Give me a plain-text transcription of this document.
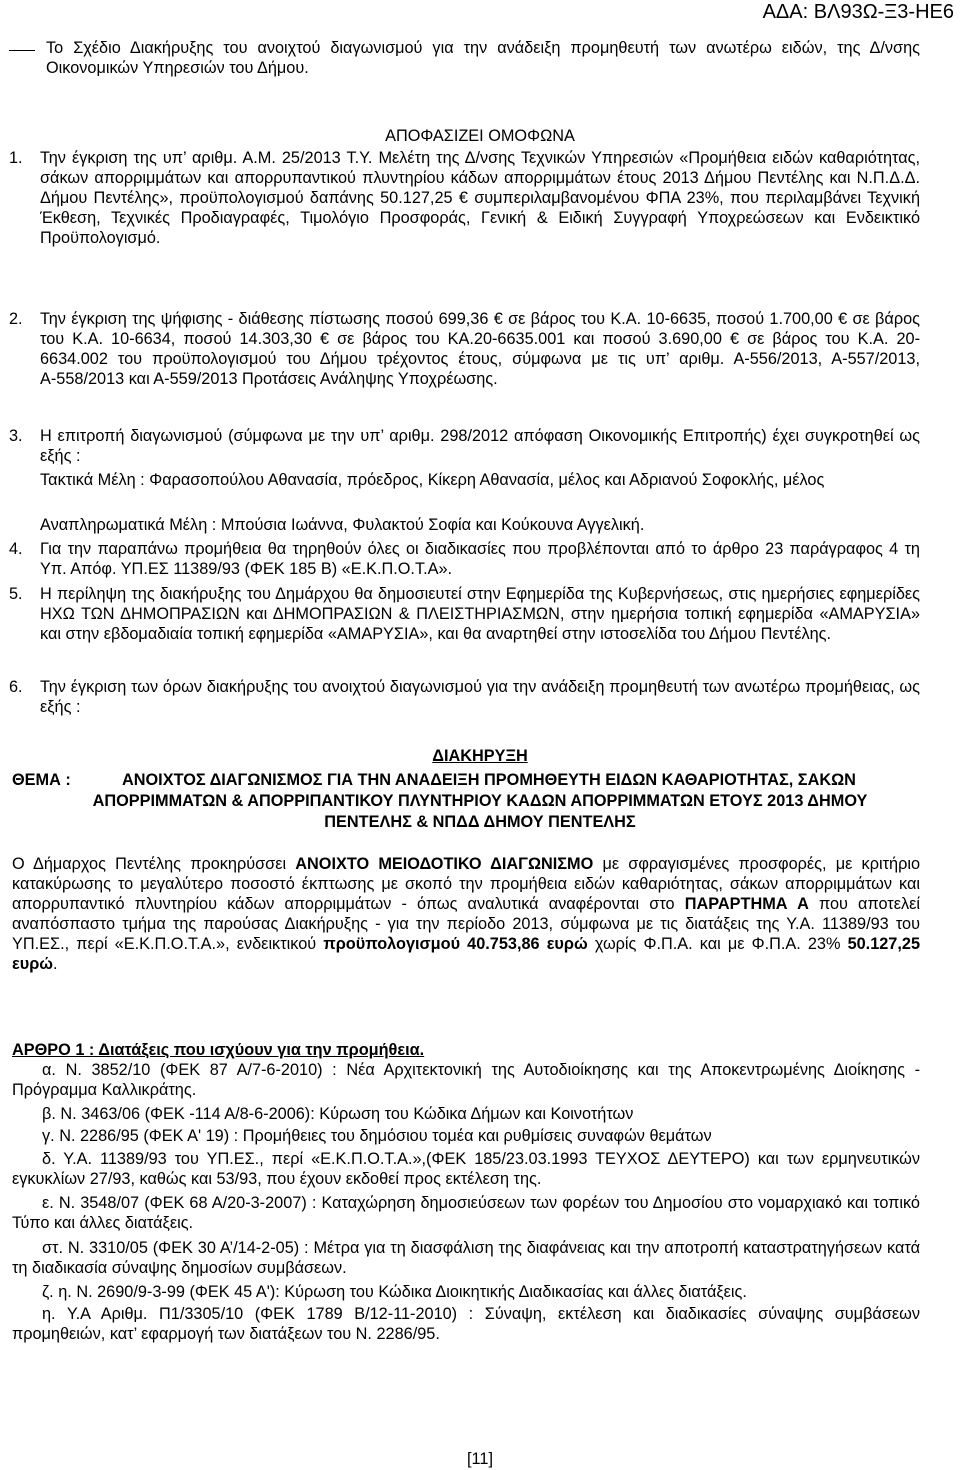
ΑΔΑ: ΒΛ93Ω-Ξ3-ΗΕ6
Το Σχέδιο Διακήρυξης του ανοιχτού διαγωνισμού για την ανάδειξη προμηθευτή των ανωτέρω ειδών, της Δ/νσης Οικονομικών Υπηρεσιών του Δήμου.
ΑΠΟΦΑΣΙΖΕΙ ΟΜΟΦΩΝΑ
1. Την έγκριση της υπ’ αριθμ. Α.Μ. 25/2013 Τ.Υ. Μελέτη της Δ/νσης Τεχνικών Υπηρεσιών «Προμήθεια ειδών καθαριότητας, σάκων απορριμμάτων και απορρυπαντικού πλυντηρίου κάδων απορριμμάτων έτους 2013 Δήμου Πεντέλης και Ν.Π.Δ.Δ. Δήμου Πεντέλης», προϋπολογισμού δαπάνης 50.127,25 € συμπεριλαμβανομένου ΦΠΑ 23%, που περιλαμβάνει Τεχνική Έκθεση, Τεχνικές Προδιαγραφές, Τιμολόγιο Προσφοράς, Γενική & Ειδική Συγγραφή Υποχρεώσεων και Ενδεικτικό Προϋπολογισμό.
2. Την έγκριση της ψήφισης - διάθεσης πίστωσης ποσού 699,36 € σε βάρος του Κ.Α. 10-6635, ποσού 1.700,00 € σε βάρος του Κ.Α. 10-6634, ποσού 14.303,30 € σε βάρος του ΚΑ.20-6635.001 και ποσού 3.690,00 € σε βάρος του Κ.Α. 20-6634.002 του προϋπολογισμού του Δήμου τρέχοντος έτους, σύμφωνα με τις υπ’ αριθμ. Α-556/2013, Α-557/2013, Α-558/2013 και Α-559/2013 Προτάσεις Ανάληψης Υποχρέωσης.
3. Η επιτροπή διαγωνισμού (σύμφωνα με την υπ’ αριθμ. 298/2012 απόφαση Οικονομικής Επιτροπής) έχει συγκροτηθεί ως εξής :
Τακτικά Μέλη : Φαρασοπούλου Αθανασία, πρόεδρος, Κίκερη Αθανασία, μέλος και Αδριανού Σοφοκλής, μέλος
Αναπληρωματικά Μέλη : Μπούσια Ιωάννα, Φυλακτού Σοφία και Κούκουνα Αγγελική.
4. Για την παραπάνω προμήθεια θα τηρηθούν όλες οι διαδικασίες που προβλέπονται από το άρθρο 23 παράγραφος 4 τη Υπ. Απόφ. ΥΠ.ΕΣ 11389/93 (ΦΕΚ 185 Β) «Ε.Κ.Π.Ο.Τ.Α».
5. Η περίληψη της διακήρυξης του Δημάρχου θα δημοσιευτεί στην Εφημερίδα της Κυβερνήσεως, στις ημερήσιες εφημερίδες ΗΧΩ ΤΩΝ ΔΗΜΟΠΡΑΣΙΩΝ και ΔΗΜΟΠΡΑΣΙΩΝ & ΠΛΕΙΣΤΗΡΙΑΣΜΩΝ, στην ημερήσια τοπική εφημερίδα «ΑΜΑΡΥΣΙΑ» και στην εβδομαδιαία τοπική εφημερίδα «ΑΜΑΡΥΣΙΑ», και θα αναρτηθεί στην ιστοσελίδα του Δήμου Πεντέλης.
6. Την έγκριση των όρων διακήρυξης του ανοιχτού διαγωνισμού για την ανάδειξη προμηθευτή των ανωτέρω προμήθειας, ως εξής :
ΔΙΑΚΗΡΥΞΗ
ΘΕΜΑ :	ΑΝΟΙΧΤΟΣ ΔΙΑΓΩΝΙΣΜΟΣ ΓΙΑ ΤΗΝ ΑΝΑΔΕΙΞΗ ΠΡΟΜΗΘΕΥΤΗ ΕΙΔΩΝ ΚΑΘΑΡΙΟΤΗΤΑΣ, ΣΑΚΩΝ
ΑΠΟΡΡΙΜΜΑΤΩΝ & ΑΠΟΡΡΙΠΑΝΤΙΚΟΥ ΠΛΥΝΤΗΡΙΟΥ ΚΑΔΩΝ ΑΠΟΡΡΙΜΜΑΤΩΝ ΕΤΟΥΣ 2013 ΔΗΜΟΥ
ΠΕΝΤΕΛΗΣ & ΝΠΔΔ ΔΗΜΟΥ ΠΕΝΤΕΛΗΣ
Ο Δήμαρχος Πεντέλης προκηρύσσει ΑΝΟΙΧΤΟ ΜΕΙΟΔΟΤΙΚΟ ΔΙΑΓΩΝΙΣΜΟ με σφραγισμένες προσφορές, με κριτήριο κατακύρωσης το μεγαλύτερο ποσοστό έκπτωσης με σκοπό την προμήθεια ειδών καθαριότητας, σάκων απορριμμάτων και απορρυπαντικό πλυντηρίου κάδων απορριμμάτων - όπως αναλυτικά αναφέρονται στο ΠΑΡΑΡΤΗΜΑ Α που αποτελεί αναπόσπαστο τμήμα της παρούσας Διακήρυξης - για την περίοδο 2013, σύμφωνα με τις διατάξεις της Υ.Α. 11389/93 του ΥΠ.ΕΣ., περί «Ε.Κ.Π.Ο.Τ.Α.», ενδεικτικού προϋπολογισμού 40.753,86 ευρώ χωρίς Φ.Π.Α. και με Φ.Π.Α. 23% 50.127,25 ευρώ.
ΑΡΘΡΟ 1 : Διατάξεις που ισχύουν για την προμήθεια.
α. Ν. 3852/10 (ΦΕΚ 87 Α/7-6-2010) : Νέα Αρχιτεκτονική της Αυτοδιοίκησης και της Αποκεντρωμένης Διοίκησης - Πρόγραμμα Καλλικράτης.
β. Ν. 3463/06 (ΦΕΚ -114 Α/8-6-2006): Κύρωση του Κώδικα Δήμων και Κοινοτήτων
γ. Ν. 2286/95 (ΦΕΚ Α' 19) : Προμήθειες του δημόσιου τομέα και ρυθμίσεις συναφών θεμάτων
δ. Υ.Α. 11389/93 του ΥΠ.ΕΣ., περί «Ε.Κ.Π.Ο.Τ.Α.»,(ΦΕΚ 185/23.03.1993 ΤΕΥΧΟΣ ΔΕΥΤΕΡΟ) και των ερμηνευτικών εγκυκλίων 27/93, καθώς και 53/93, που έχουν εκδοθεί προς εκτέλεση της.
ε. Ν. 3548/07 (ΦΕΚ 68 Α/20-3-2007) : Καταχώρηση δημοσιεύσεων των φορέων του Δημοσίου στο νομαρχιακό και τοπικό Τύπο και άλλες διατάξεις.
στ. Ν. 3310/05 (ΦΕΚ 30 Α’/14-2-05) : Μέτρα για τη διασφάλιση της διαφάνειας και την αποτροπή καταστρατηγήσεων κατά τη διαδικασία σύναψης δημοσίων συμβάσεων.
ζ. η. Ν. 2690/9-3-99 (ΦΕΚ 45 Α'): Κύρωση του Κώδικα Διοικητικής Διαδικασίας και άλλες διατάξεις.
η. Υ.Α Αριθμ. Π1/3305/10 (ΦΕΚ 1789 Β/12-11-2010) : Σύναψη, εκτέλεση και διαδικασίες σύναψης συμβάσεων προμηθειών, κατ’ εφαρμογή των διατάξεων του Ν. 2286/95.
[11]
